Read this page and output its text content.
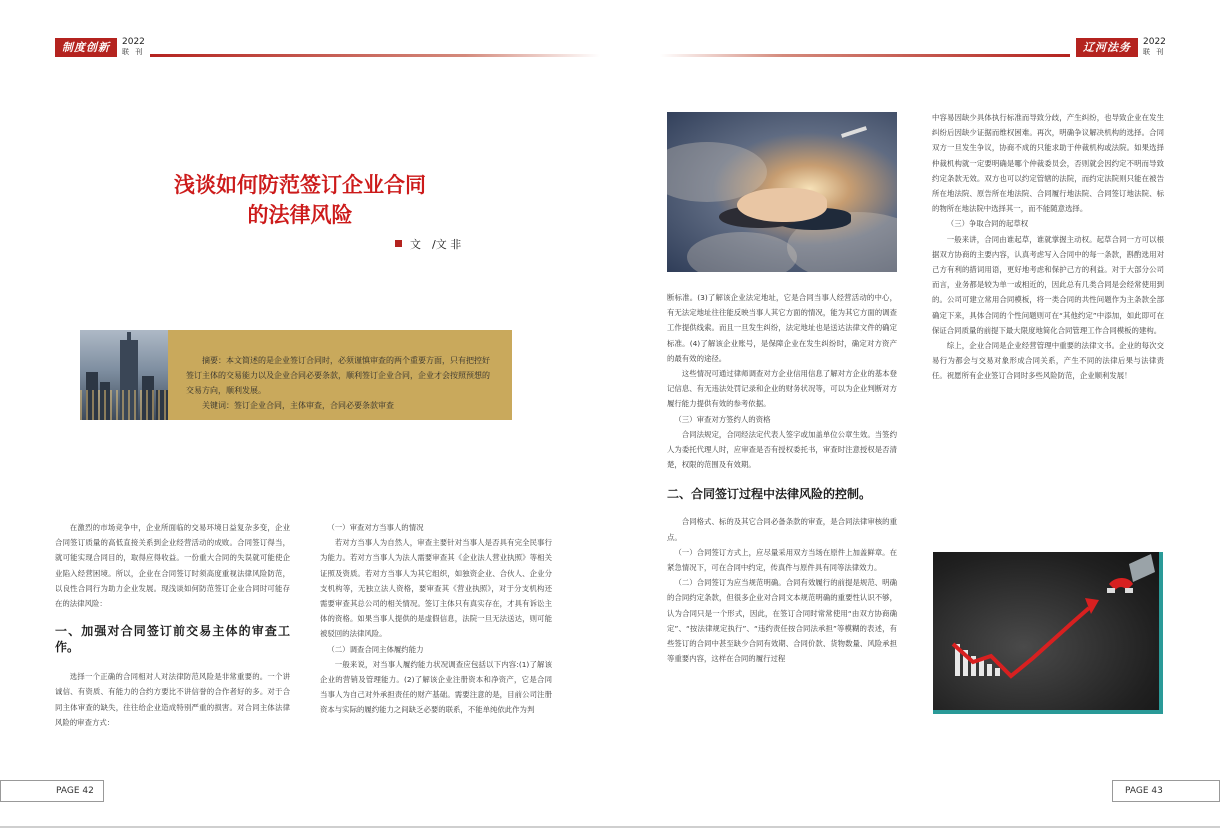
制度创新	2022
联 刊	辽河法务	2022
联 刊
浅谈如何防范签订企业合同
的法律风险
文　/文 非

摘要：本文简述的是企业签订合同时，必须谨慎审查的两个重要方面，只有把控好签订主体的交易能力以及企业合同必要条款，顺利签订企业合同，企业才会按照预想的交易方向，顺利发展。

关键词：签订企业合同，主体审查，合同必要条款审查

在激烈的市场竞争中，企业所面临的交易环境日益复杂多变，企业合同签订质量的高低直接关系到企业经营活动的成败。合同签订得当，就可能实现合同目的，取得应得收益。一份重大合同的失误就可能使企业陷入经营困境。所以，企业在合同签订时须高度重视法律风险防范，以良性合同行为助力企业发展。现浅谈如何防范签订企业合同时可能存在的法律风险：

一、加强对合同签订前交易主体的审查工作。

选择一个正确的合同相对人对法律防范风险是非常重要的。一个讲诚信、有资质、有能力的合约方要比不讲信誉的合作者好的多。对于合同主体审查的缺失，往往给企业造成特别严重的损害。对合同主体法律风险的审查方式：

（一）审查对方当事人的情况

若对方当事人为自然人，审查主要针对当事人是否具有完全民事行为能力。若对方当事人为法人需要审查其《企业法人营业执照》等相关证照及资质。若对方当事人为其它组织，如独资企业、合伙人、企业分支机构等，无独立法人资格，要审查其《营业执照》，对于分支机构还需要审查其总公司的相关情况。签订主体只有真实存在，才具有诉讼主体的资格。如果当事人提供的是虚假信息，法院一旦无法送达，则可能被驳回的法律风险。

（二）调查合同主体履约能力

一般来说，对当事人履约能力状况调查应包括以下内容:(1)了解该企业的营销及管理能力。(2)了解该企业注册资本和净资产，它是合同当事人为自己对外承担责任的财产基础。需要注意的是，目前公司注册资本与实际的履约能力之间缺乏必要的联系，不能单纯依此作为判

断标准。(3)了解该企业法定地址，它是合同当事人经营活动的中心，有无法定地址往往能反映当事人其它方面的情况，能为其它方面的调查工作提供线索。而且一旦发生纠纷，法定地址也是送达法律文件的确定标准。(4)了解该企业账号，是保障企业在发生纠纷时，确定对方资产的最有效的途径。

这些情况可通过律师调查对方企业信用信息了解对方企业的基本登记信息、有无违法处罚记录和企业的财务状况等，可以为企业判断对方履行能力提供有效的参考依据。

（三）审查对方签约人的资格

合同法规定，合同经法定代表人签字或加盖单位公章生效。当签约人为委托代理人时，应审查是否有授权委托书，审查时注意授权是否清楚，权限的范围及有效期。

二、合同签订过程中法律风险的控制。

合同格式、标的及其它合同必备条款的审查，是合同法律审核的重点。

（一）合同签订方式上，应尽量采用双方当场在原件上加盖鲜章。在紧急情况下，可在合同中约定，传真件与原件具有同等法律效力。

（二）合同签订为应当规范明确。合同有效履行的前提是规范、明确的合同约定条款，但很多企业对合同文本规范明确的重要性认识不够，认为合同只是一个形式，因此，在签订合同时常常使用“由双方协商确定”、“按法律规定执行”、“违约责任按合同法承担”等模糊的表述，有些签订的合同中甚至缺少合同有效期、合同价款、货物数量、风险承担等重要内容，这样在合同的履行过程

中容易因缺少具体执行标准而导致分歧，产生纠纷，也导致企业在发生纠纷后因缺少证据而维权困难。再次，明确争议解决机构的选择。合同双方一旦发生争议，协商不成的只能求助于仲裁机构或法院。如果选择仲裁机构就一定要明确是哪个仲裁委员会，否则就会因约定不明而导致约定条款无效。双方也可以约定管辖的法院，而约定法院则只能在被告所在地法院、原告所在地法院、合同履行地法院、合同签订地法院、标的物所在地法院中选择其一，而不能随意选择。

（三）争取合同的起草权

一般来讲，合同由谁起草，谁就掌握主动权。起草合同一方可以根据双方协商的主要内容，认真考虑写入合同中的每一条款，斟酌选用对己方有利的措词用语，更好地考虑和保护己方的利益。对于大部分公司而言，业务都是较为单一或相近的，因此总有几类合同是会经常使用到的。公司可建立常用合同模板，将一类合同的共性问题作为主条款全部确定下来，具体合同的个性问题则可在“其他约定”中添加，如此即可在保证合同质量的前提下最大限度地简化合同管理工作合同模板的建构。

综上，企业合同是企业经营管理中重要的法律文书。企业的每次交易行为都会与交易对象形成合同关系，产生不同的法律后果与法律责任。祝愿所有企业签订合同时多些风险防范，企业顺利发展！

PAGE 42	PAGE 43
